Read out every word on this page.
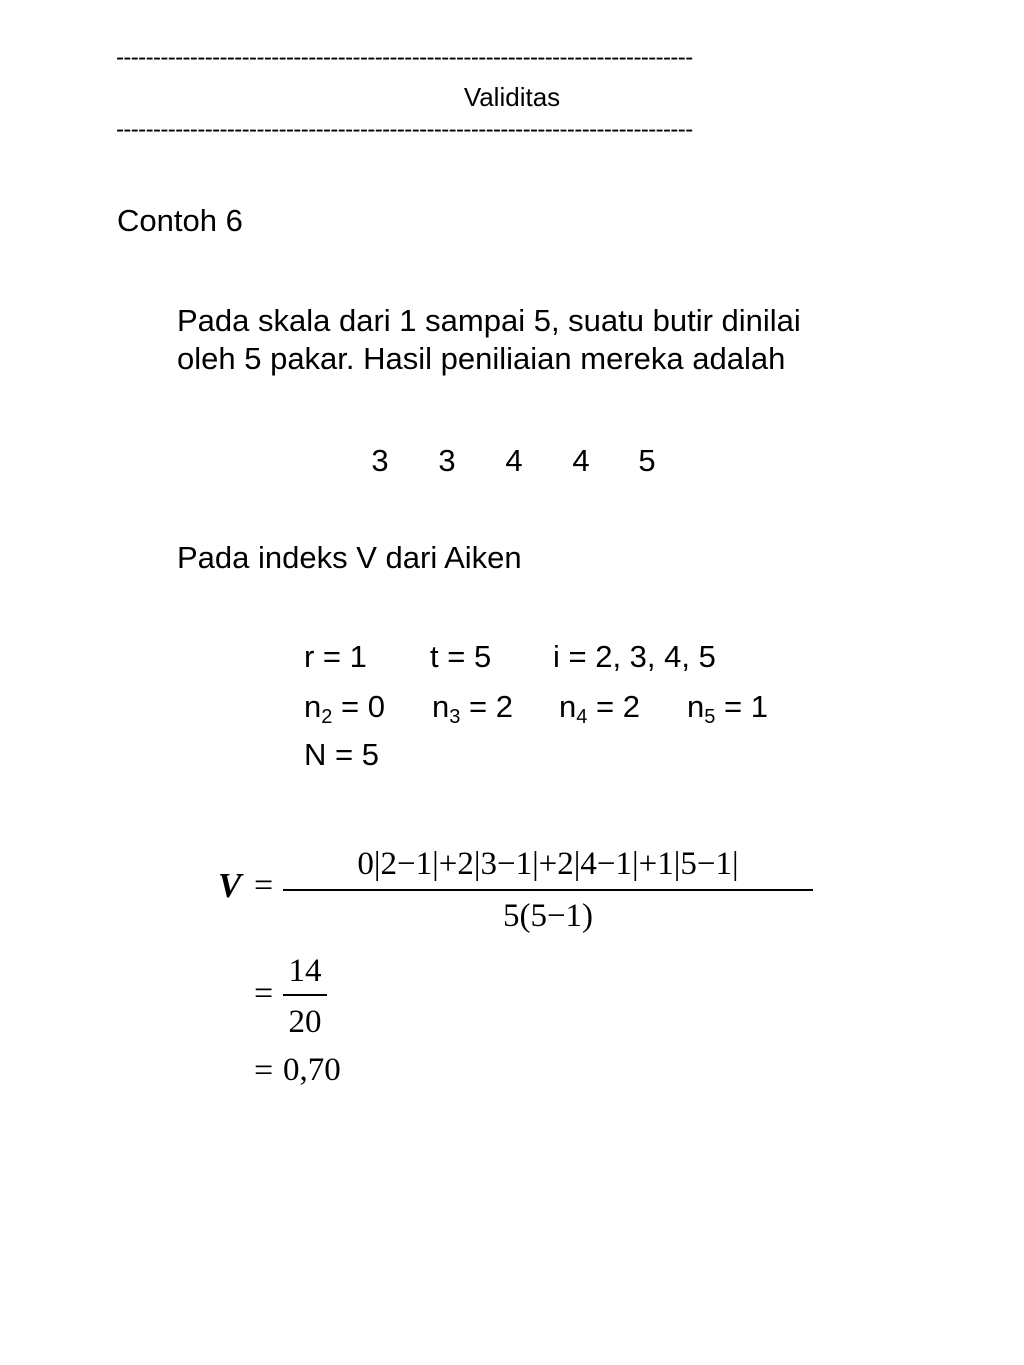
------------------------------------------------------------------------------
Validitas
------------------------------------------------------------------------------
Contoh 6
Pada skala dari 1 sampai 5, suatu butir dinilai
oleh 5 pakar. Hasil peniliaian mereka adalah
3	3	4	4	5
Pada indeks V dari Aiken
r = 1 t = 5 i = 2, 3, 4, 5
$n_2 = 0$ $n_3 = 2$ $n_4 = 2$ $n_5 = 1$
N = 5
V =
0|2−1|+2|3−1|+2|4−1|+1|5−1|
5(5−1)
=
14
20
= 0,70
